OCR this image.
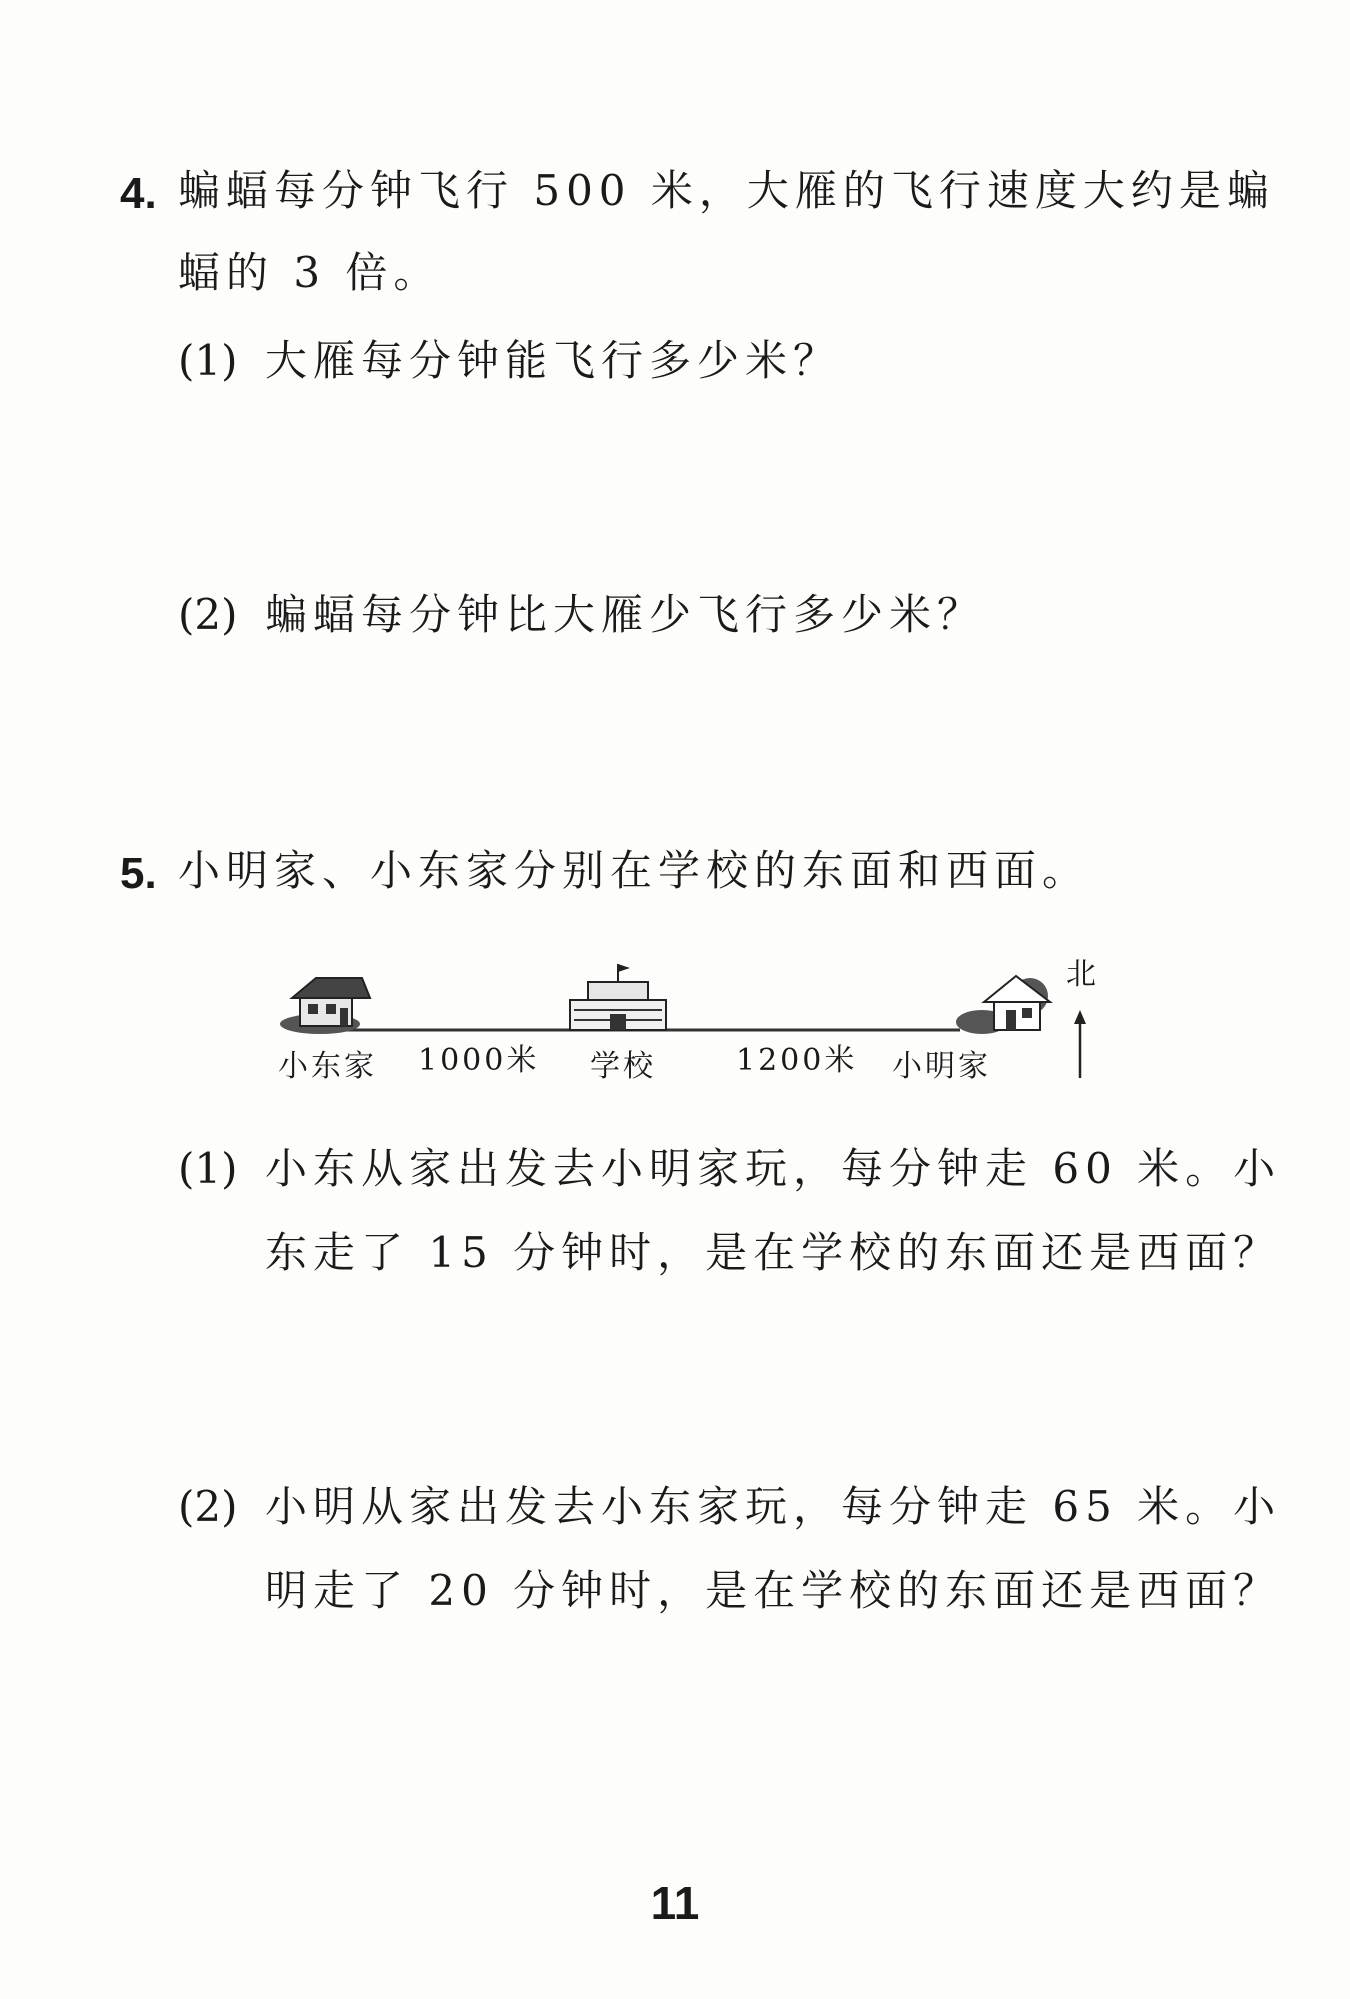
4. 蝙蝠每分钟飞行 500 米，大雁的飞行速度大约是蝙
蝠的 3 倍。
(1) 大雁每分钟能飞行多少米？
(2) 蝙蝠每分钟比大雁少飞行多少米？
5. 小明家、小东家分别在学校的东面和西面。
北
小东家 1000米 学校	1200米 小明家
(1) 小东从家出发去小明家玩，每分钟走 60 米。小
东走了 15 分钟时，是在学校的东面还是西面？
(2) 小明从家出发去小东家玩，每分钟走 65 米。小
明走了 20 分钟时，是在学校的东面还是西面？
11
